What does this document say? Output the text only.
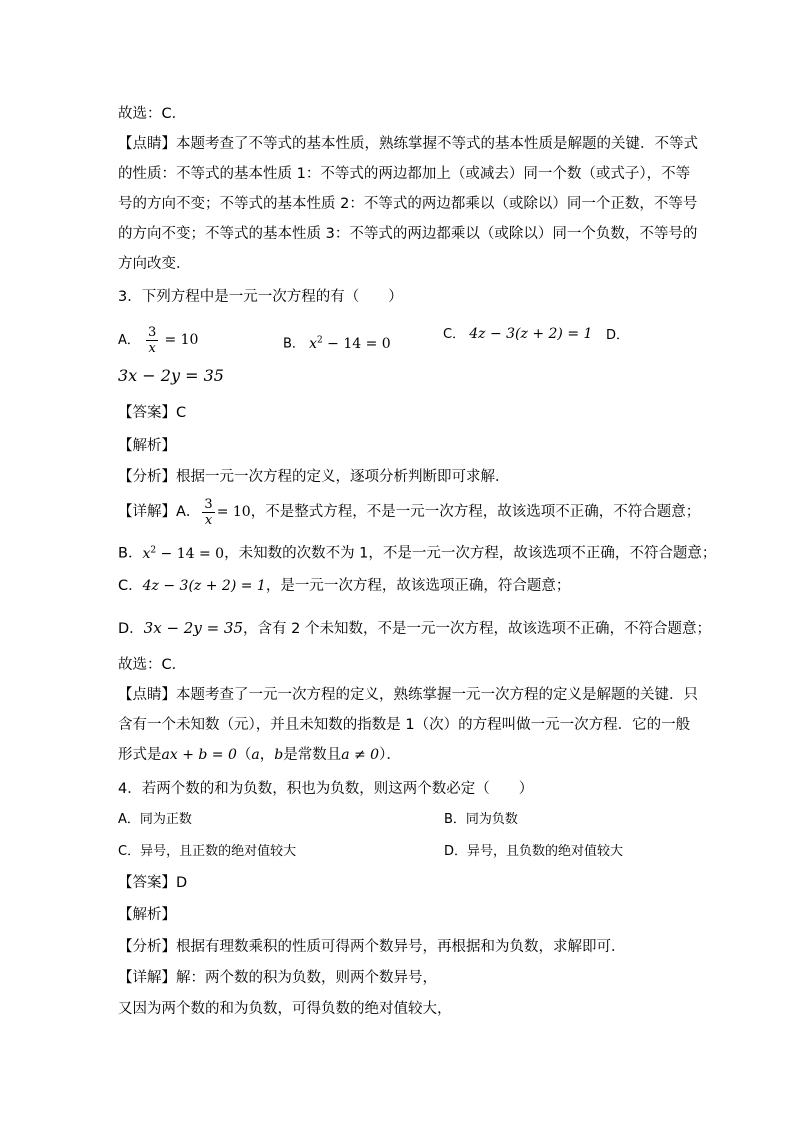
故选：C．
【点睛】本题考查了不等式的基本性质，熟练掌握不等式的基本性质是解题的关键．不等式
的性质：不等式的基本性质 1：不等式的两边都加上（或减去）同一个数（或式子），不等
号的方向不变；不等式的基本性质 2：不等式的两边都乘以（或除以）同一个正数，不等号
的方向不变；不等式的基本性质 3：不等式的两边都乘以（或除以）同一个负数，不等号的
方向改变．
3．下列方程中是一元一次方程的有（　　）
A． $\frac{3}{x} = 10$	B． $x^2 - 14 = 0$
C． 4z − 3(z + 2) = 1 D．
3x − 2y = 35
【答案】C
【解析】
【分析】根据一元一次方程的定义，逐项分析判断即可求解．
【详解】A． $\frac{3}{x} = 10$，不是整式方程，不是一元一次方程，故该选项不正确，不符合题意；
B．$x^2 - 14 = 0$，未知数的次数不为 1，不是一元一次方程，故该选项不正确，不符合题意；
C．4z − 3(z + 2) = 1，是一元一次方程，故该选项正确，符合题意；
D．3x − 2y = 35，含有 2 个未知数，不是一元一次方程，故该选项不正确，不符合题意；
故选：C．
【点睛】本题考查了一元一次方程的定义，熟练掌握一元一次方程的定义是解题的关键．只
含有一个未知数（元），并且未知数的指数是 1（次）的方程叫做一元一次方程．它的一般
形式是ax + b = 0（a，b是常数且a ≠ 0）．
4．若两个数的和为负数，积也为负数，则这两个数必定（　　）
A．同为正数	B．同为负数
C．异号，且正数的绝对值较大	D．异号，且负数的绝对值较大
【答案】D
【解析】
【分析】根据有理数乘积的性质可得两个数异号，再根据和为负数，求解即可．
【详解】解：两个数的积为负数，则两个数异号，
又因为两个数的和为负数，可得负数的绝对值较大，
